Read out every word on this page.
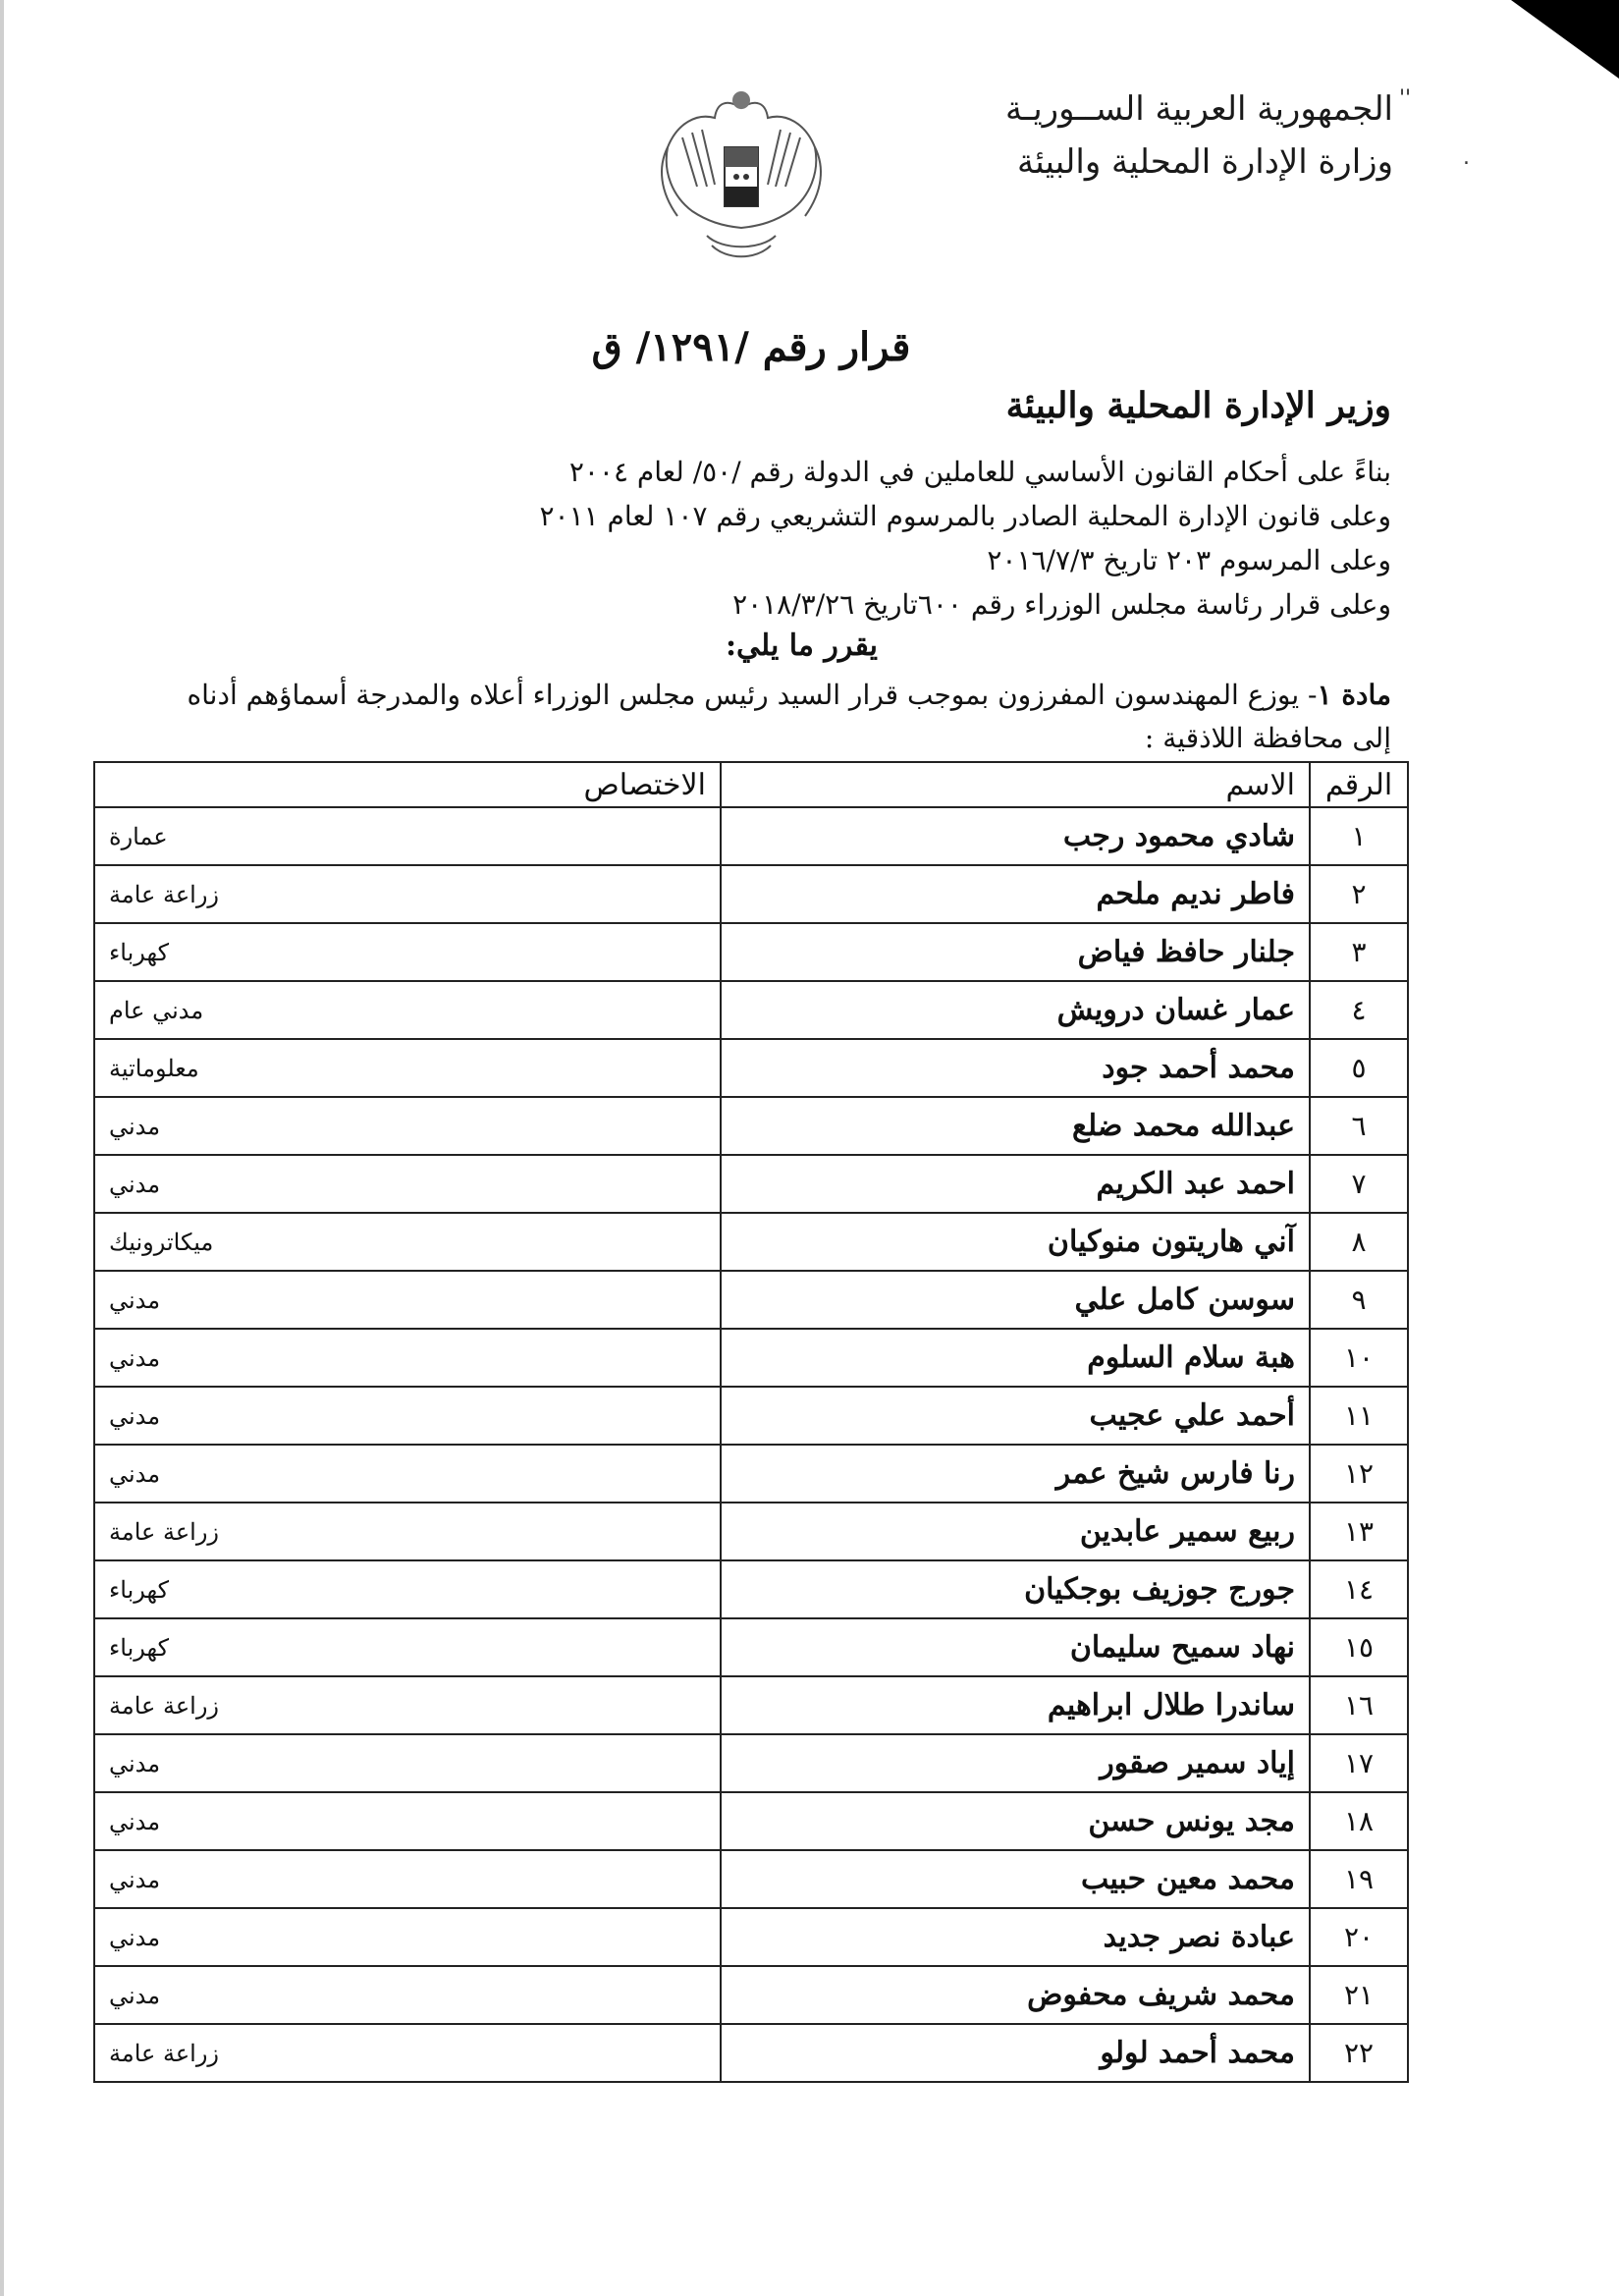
الجمهورية العربية الســوريـة
وزارة الإدارة المحلية والبيئة
''
.
قرار رقم /١٢٩١/ ق
وزير الإدارة المحلية والبيئة
بناءً على أحكام القانون الأساسي للعاملين في الدولة رقم /٥٠/ لعام ٢٠٠٤
وعلى قانون الإدارة المحلية الصادر بالمرسوم التشريعي رقم ١٠٧ لعام ٢٠١١
وعلى المرسوم ٢٠٣ تاريخ ٢٠١٦/٧/٣
وعلى قرار رئاسة مجلس الوزراء رقم ٦٠٠تاريخ ٢٠١٨/٣/٢٦
يقرر ما يلي:
مادة ١- يوزع المهندسون المفرزون بموجب قرار السيد رئيس مجلس الوزراء أعلاه والمدرجة أسماؤهم أدناه إلى محافظة اللاذقية :
الرقم	الاسم	الاختصاص
١	شادي محمود رجب	عمارة
٢	فاطر نديم ملحم	زراعة عامة
٣	جلنار حافظ فياض	كهرباء
٤	عمار غسان درويش	مدني عام
٥	محمد أحمد جود	معلوماتية
٦	عبدالله محمد ضلع	مدني
٧	احمد عبد الكريم	مدني
٨	آني هاريتون منوكيان	ميكاترونيك
٩	سوسن كامل علي	مدني
١٠	هبة سلام السلوم	مدني
١١	أحمد علي عجيب	مدني
١٢	رنا فارس شيخ عمر	مدني
١٣	ربيع سمير عابدين	زراعة عامة
١٤	جورج جوزيف بوجكيان	كهرباء
١٥	نهاد سميح سليمان	كهرباء
١٦	ساندرا طلال ابراهيم	زراعة عامة
١٧	إياد سمير صقور	مدني
١٨	مجد يونس حسن	مدني
١٩	محمد معين حبيب	مدني
٢٠	عبادة نصر جديد	مدني
٢١	محمد شريف محفوض	مدني
٢٢	محمد أحمد لولو	زراعة عامة
